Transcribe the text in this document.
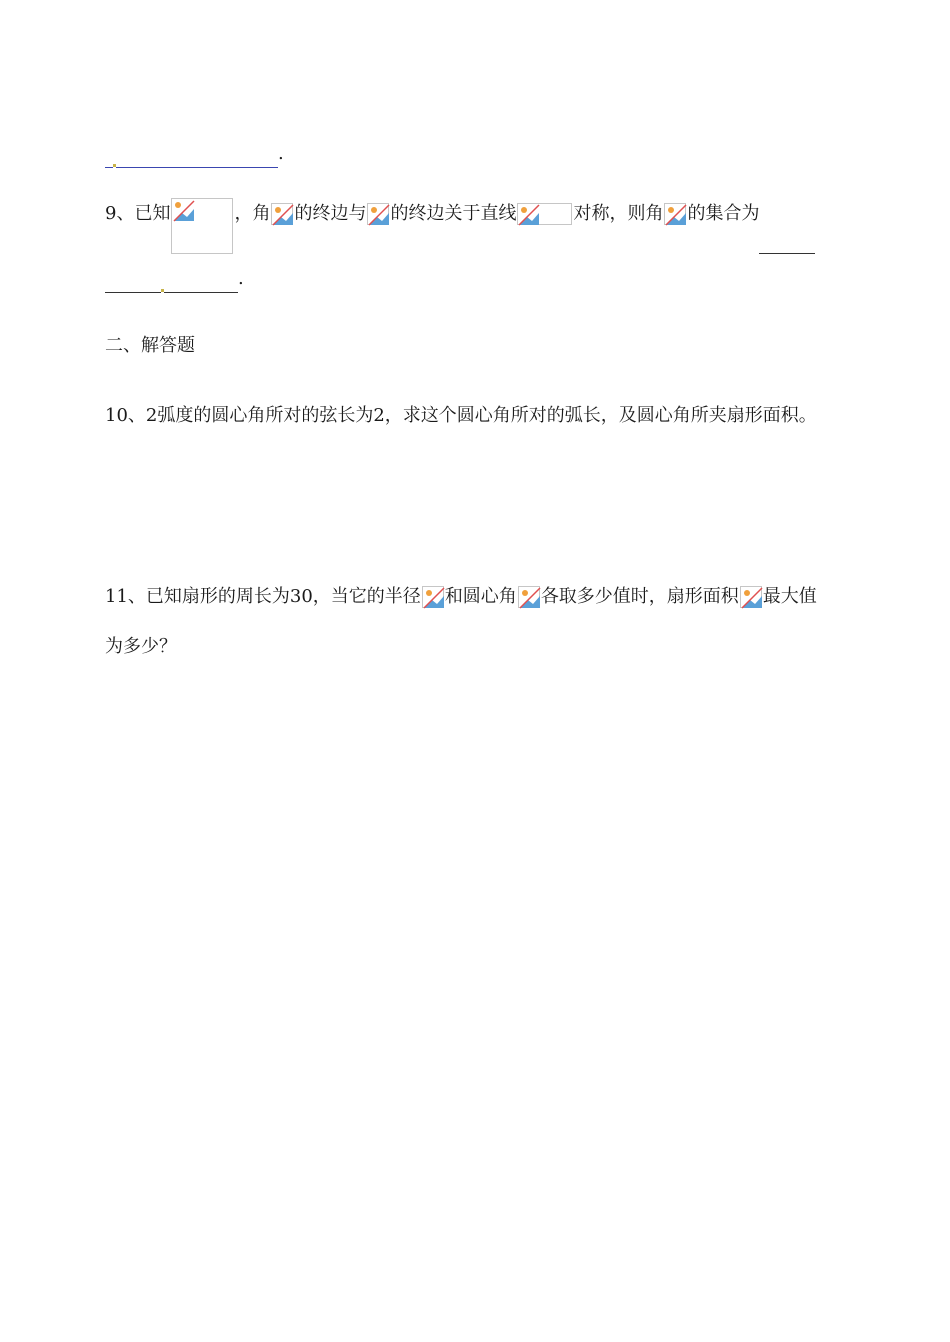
.
9、已知	，角 的终边与 的终边关于直线	对称，则角 的集合为
.
二、解答题
10、2弧度的圆心角所对的弦长为2，求这个圆心角所对的弧长，及圆心角所夹扇形面积。
11、已知扇形的周长为30，当它的半径 和圆心角 各取多少值时，扇形面积 最大值
为多少？
